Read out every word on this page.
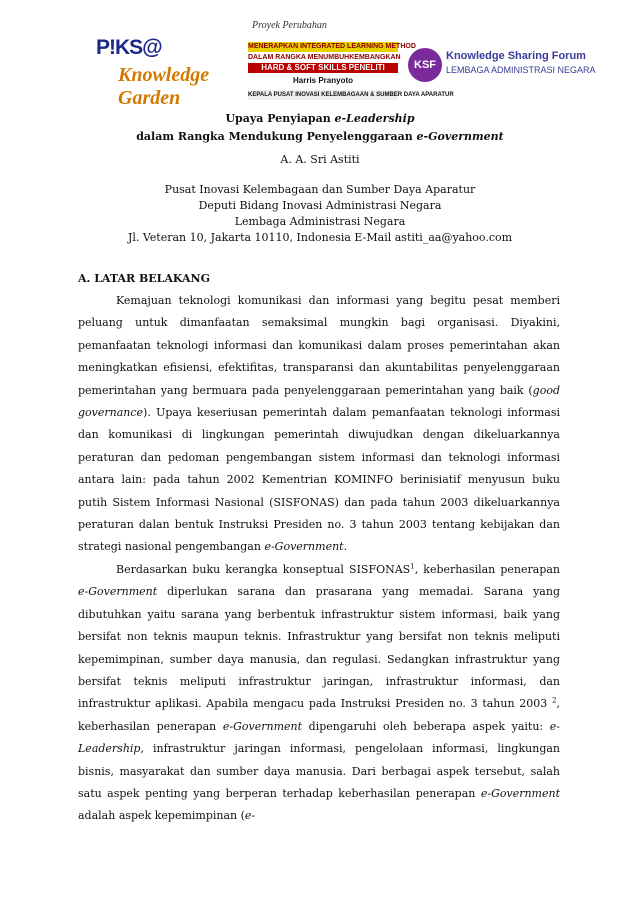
P!KS@
Knowledge Garden
Proyek Perubahan
MENERAPKAN INTEGRATED LEARNING METHOD
DALAM RANGKA MENUMBUHKEMBANGKAN
HARD & SOFT SKILLS PENELITI
Harris Pranyoto
KEPALA PUSAT INOVASI KELEMBAGAAN & SUMBER DAYA APARATUR
KSF
Knowledge Sharing Forum
LEMBAGA ADMINISTRASI NEGARA
Upaya Penyiapan e-Leadership
dalam Rangka Mendukung Penyelenggaraan e-Government
A. A. Sri Astiti
Pusat Inovasi Kelembagaan dan Sumber Daya Aparatur
Deputi Bidang Inovasi Administrasi Negara
Lembaga Administrasi Negara
Jl. Veteran 10, Jakarta 10110, Indonesia E-Mail astiti_aa@yahoo.com
A. LATAR BELAKANG

Kemajuan teknologi komunikasi dan informasi yang begitu pesat memberi peluang untuk dimanfaatan semaksimal mungkin bagi organisasi. Diyakini, pemanfaatan teknologi informasi dan komunikasi dalam proses pemerintahan akan meningkatkan efisiensi, efektifitas, transparansi dan akuntabilitas penyelenggaraan pemerintahan yang bermuara pada penyelenggaraan pemerintahan yang baik (good governance). Upaya keseriusan pemerintah dalam pemanfaatan teknologi informasi dan komunikasi di lingkungan pemerintah diwujudkan dengan dikeluarkannya peraturan dan pedoman pengembangan sistem informasi dan teknologi informasi antara lain: pada tahun 2002 Kementrian KOMINFO berinisiatif menyusun buku putih Sistem Informasi Nasional (SISFONAS) dan pada tahun 2003 dikeluarkannya peraturan dalan bentuk Instruksi Presiden no. 3 tahun 2003 tentang kebijakan dan strategi nasional pengembangan e-Government.

Berdasarkan buku kerangka konseptual SISFONAS$^1$, keberhasilan penerapan e-Government diperlukan sarana dan prasarana yang memadai. Sarana yang dibutuhkan yaitu sarana yang berbentuk infrastruktur sistem informasi, baik yang bersifat non teknis maupun teknis. Infrastruktur yang bersifat non teknis meliputi kepemimpinan, sumber daya manusia, dan regulasi. Sedangkan infrastruktur yang bersifat teknis meliputi infrastruktur jaringan, infrastruktur informasi, dan infrastruktur aplikasi. Apabila mengacu pada Instruksi Presiden no. 3 tahun 2003 $^2$, keberhasilan penerapan e-Government dipengaruhi oleh beberapa aspek yaitu: e-Leadership, infrastruktur jaringan informasi, pengelolaan informasi, lingkungan bisnis, masyarakat dan sumber daya manusia. Dari berbagai aspek tersebut, salah satu aspek penting yang berperan terhadap keberhasilan penerapan e-Government adalah aspek kepemimpinan (e-
